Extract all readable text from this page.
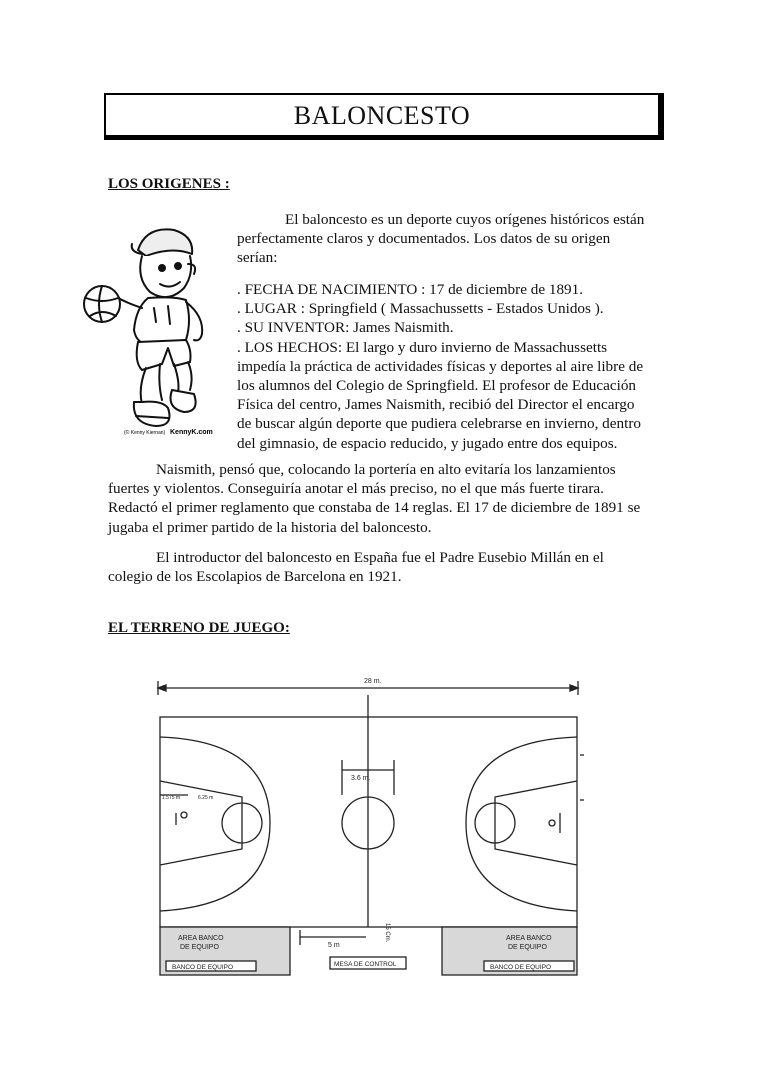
BALONCESTO
LOS ORIGENES :
(© Kenny Kiernan) KennyK.com

El baloncesto es un deporte cuyos orígenes históricos están

perfectamente claros y documentados. Los datos de su origen

serían:

. FECHA DE NACIMIENTO : 17 de diciembre de 1891.

. LUGAR : Springfield ( Massachussetts - Estados Unidos ).

. SU INVENTOR: James Naismith.

. LOS HECHOS: El largo y duro invierno de Massachussetts

impedía la práctica de actividades físicas y deportes al aire libre de

los alumnos del Colegio de Springfield. El profesor de Educación

Física del centro, James Naismith, recibió del Director el encargo

de buscar algún deporte que pudiera celebrarse en invierno, dentro

del gimnasio, de espacio reducido, y jugado entre dos equipos.

Naismith, pensó que, colocando la portería en alto evitaría los lanzamientos

fuertes y violentos. Conseguiría anotar el más preciso, no el que más fuerte tirara.

Redactó el primer reglamento que constaba de 14 reglas. El 17 de diciembre de 1891 se

jugaba el primer partido de la historia del baloncesto.

El introductor del baloncesto en España fue el Padre Eusebio Millán en el

colegio de los Escolapios de Barcelona en 1921.

EL TERRENO DE JUEGO:
28 m.
3.6 m.
1.575 m	6.25 m
5 m
15 Cm.
AREA BANCO
DE EQUIPO
AREA BANCO
DE EQUIPO
BANCO DE EQUIPO	BANCO DE EQUIPO
MESA DE CONTROL
